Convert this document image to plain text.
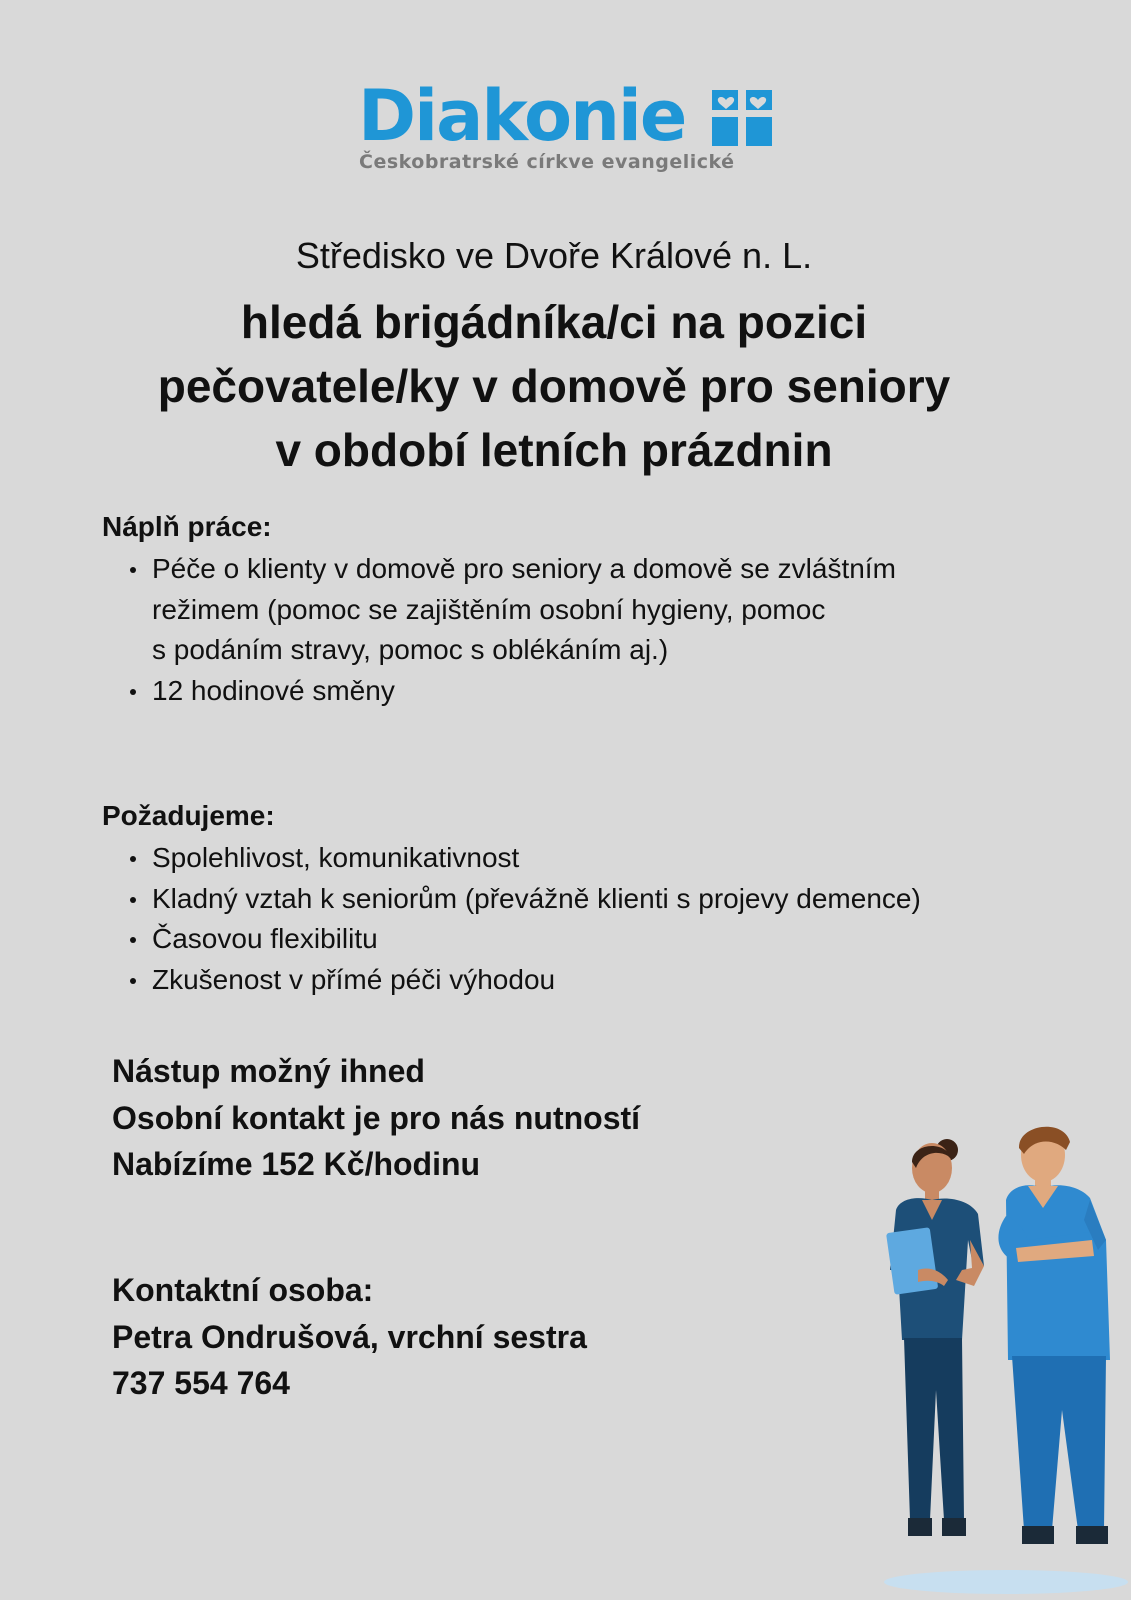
Diakonie
Českobratrské církve evangelické
Středisko ve Dvoře Králové n. L.
hledá brigádníka/ci na pozici
pečovatele/ky v domově pro seniory
v období letních prázdnin
Náplň práce:
Péče o klienty v domově pro seniory a domově se zvláštním
režimem (pomoc se zajištěním osobní hygieny, pomoc
s podáním stravy, pomoc s oblékáním aj.)
12 hodinové směny
Požadujeme:
Spolehlivost, komunikativnost
Kladný vztah k seniorům (převážně klienti s projevy demence)
Časovou flexibilitu
Zkušenost v přímé péči výhodou
Nástup možný ihned
Osobní kontakt je pro nás nutností
Nabízíme 152 Kč/hodinu
Kontaktní osoba:
Petra Ondrušová, vrchní sestra
737 554 764
